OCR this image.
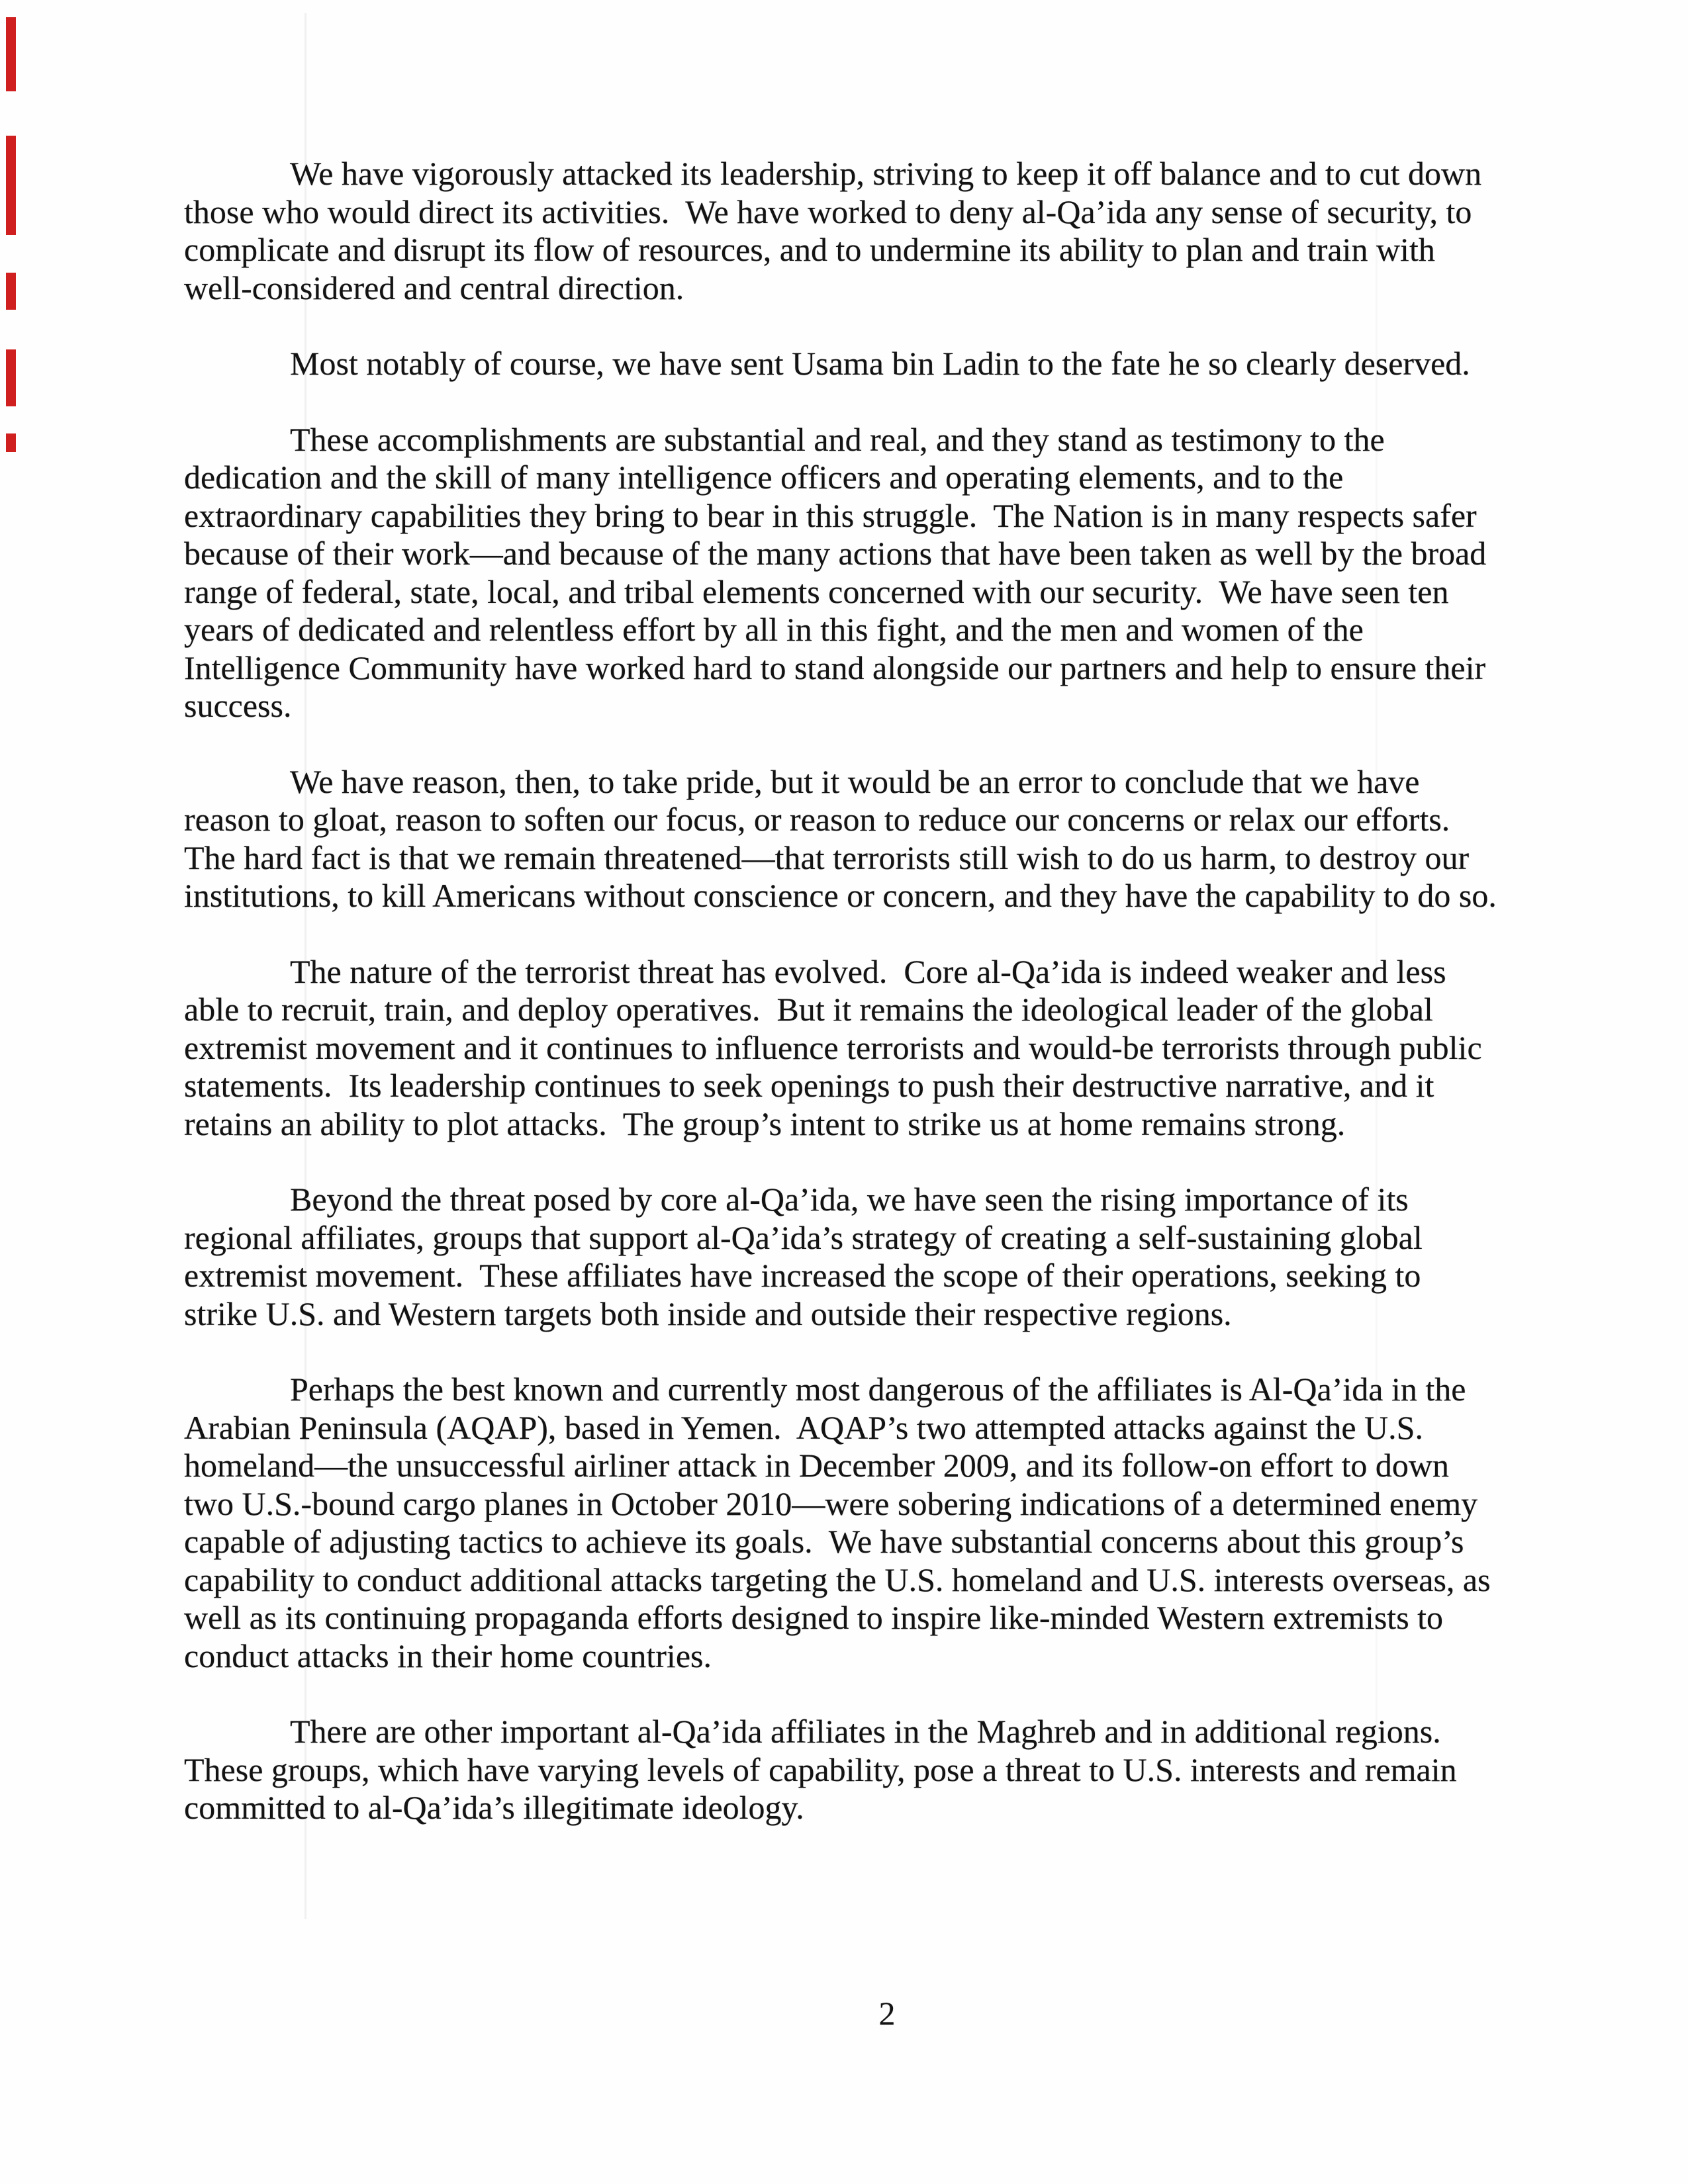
We have vigorously attacked its leadership, striving to keep it off balance and to cut down those who would direct its activities.  We have worked to deny al-Qa’ida any sense of security, to complicate and disrupt its flow of resources, and to undermine its ability to plan and train with well-considered and central direction.

Most notably of course, we have sent Usama bin Ladin to the fate he so clearly deserved.

These accomplishments are substantial and real, and they stand as testimony to the dedication and the skill of many intelligence officers and operating elements, and to the extraordinary capabilities they bring to bear in this struggle.  The Nation is in many respects safer because of their work—and because of the many actions that have been taken as well by the broad range of federal, state, local, and tribal elements concerned with our security.  We have seen ten years of dedicated and relentless effort by all in this fight, and the men and women of the Intelligence Community have worked hard to stand alongside our partners and help to ensure their success.

We have reason, then, to take pride, but it would be an error to conclude that we have reason to gloat, reason to soften our focus, or reason to reduce our concerns or relax our efforts.  The hard fact is that we remain threatened—that terrorists still wish to do us harm, to destroy our institutions, to kill Americans without conscience or concern, and they have the capability to do so.

The nature of the terrorist threat has evolved.  Core al-Qa’ida is indeed weaker and less able to recruit, train, and deploy operatives.  But it remains the ideological leader of the global extremist movement and it continues to influence terrorists and would-be terrorists through public statements.  Its leadership continues to seek openings to push their destructive narrative, and it retains an ability to plot attacks.  The group’s intent to strike us at home remains strong.

Beyond the threat posed by core al-Qa’ida, we have seen the rising importance of its regional affiliates, groups that support al-Qa’ida’s strategy of creating a self-sustaining global extremist movement.  These affiliates have increased the scope of their operations, seeking to strike U.S. and Western targets both inside and outside their respective regions.

Perhaps the best known and currently most dangerous of the affiliates is Al-Qa’ida in the Arabian Peninsula (AQAP), based in Yemen.  AQAP’s two attempted attacks against the U.S. homeland—the unsuccessful airliner attack in December 2009, and its follow-on effort to down two U.S.-bound cargo planes in October 2010—were sobering indications of a determined enemy capable of adjusting tactics to achieve its goals.  We have substantial concerns about this group’s capability to conduct additional attacks targeting the U.S. homeland and U.S. interests overseas, as well as its continuing propaganda efforts designed to inspire like-minded Western extremists to conduct attacks in their home countries.

There are other important al-Qa’ida affiliates in the Maghreb and in additional regions.  These groups, which have varying levels of capability, pose a threat to U.S. interests and remain committed to al-Qa’ida’s illegitimate ideology.

2
